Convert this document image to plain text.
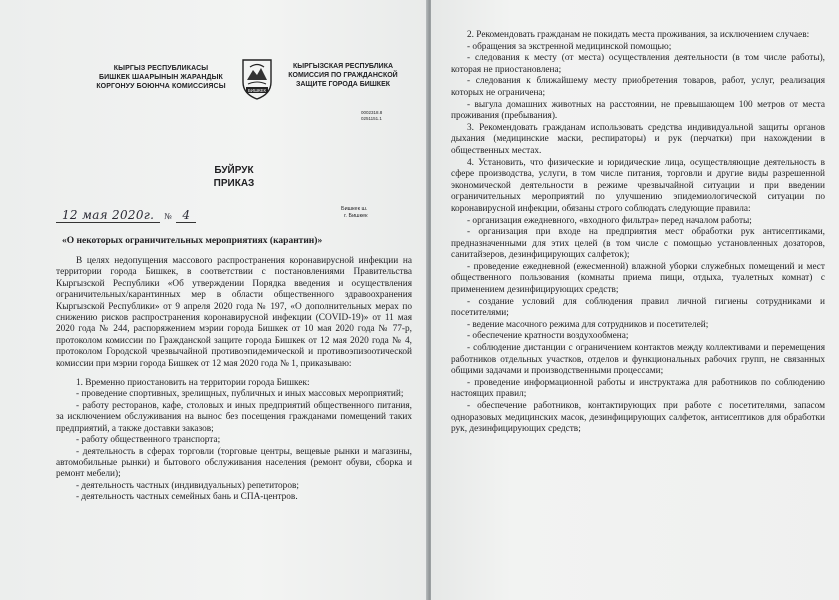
КЫРГЫЗ РЕСПУБЛИКАСЫ
БИШКЕК ШААРЫНЫН ЖАРАНДЫК
КОРГОНУУ БОЮНЧА КОМИССИЯСЫ
БИШКЕК
КЫРГЫЗСКАЯ РЕСПУБЛИКА
КОМИССИЯ ПО ГРАЖДАНСКОЙ
ЗАЩИТЕ ГОРОДА БИШКЕК
0002318.8
0251151.1
БУЙРУК
ПРИКАЗ
12 мая 2020г. № 4	Бишкек ш.
г. Бишкек
«О некоторых ограничительных мероприятиях (карантин)»

В целях недопущения массового распространения коронавирусной инфекции на территории города Бишкек, в соответствии с постановлениями Правительства Кыргызской Республики «Об утверждении Порядка введения и осуществления ограничительных/карантинных мер в области общественного здравоохранения Кыргызской Республики» от 9 апреля 2020 года № 197, «О дополнительных мерах по снижению рисков распространения коронавирусной инфекции (COVID-19)» от 11 мая 2020 года № 244, распоряжением мэрии города Бишкек от 10 мая 2020 года № 77-р, протоколом комиссии по Гражданской защите города Бишкек от 12 мая 2020 года № 4, протоколом Городской чрезвычайной противоэпидемической и противоэпизоотической комиссии при мэрии города Бишкек от 12 мая 2020 года № 1, приказываю:

1. Временно приостановить на территории города Бишкек:

- проведение спортивных, зрелищных, публичных и иных массовых мероприятий;

- работу ресторанов, кафе, столовых и иных предприятий общественного питания, за исключением обслуживания на вынос без посещения гражданами помещений таких предприятий, а также доставки заказов;

- работу общественного транспорта;

- деятельность в сферах торговли (торговые центры, вещевые рынки и магазины, автомобильные рынки) и бытового обслуживания населения (ремонт обуви, сборка и ремонт мебели);

- деятельность частных (индивидуальных) репетиторов;

- деятельность частных семейных бань и СПА-центров.

2. Рекомендовать гражданам не покидать места проживания, за исключением случаев:

- обращения за экстренной медицинской помощью;

- следования к месту (от места) осуществления деятельности (в том числе работы), которая не приостановлена;

- следования к ближайшему месту приобретения товаров, работ, услуг, реализация которых не ограничена;

- выгула домашних животных на расстоянии, не превышающем 100 метров от места проживания (пребывания).

3. Рекомендовать гражданам использовать средства индивидуальной защиты органов дыхания (медицинские маски, респираторы) и рук (перчатки) при нахождении в общественных местах.

4. Установить, что физические и юридические лица, осуществляющие деятельность в сфере производства, услуги, в том числе питания, торговли и другие виды разрешенной экономической деятельности в режиме чрезвычайной ситуации и при введении ограничительных мероприятий по улучшению эпидемиологической ситуации по коронавирусной инфекции, обязаны строго соблюдать следующие правила:

- организация ежедневного, «входного фильтра» перед началом работы;

- организация при входе на предприятия мест обработки рук антисептиками, предназначенными для этих целей (в том числе с помощью установленных дозаторов, санитайзеров, дезинфицирующих салфеток);

- проведение ежедневной (ежесменной) влажной уборки служебных помещений и мест общественного пользования (комнаты приема пищи, отдыха, туалетных комнат) с применением дезинфицирующих средств;

- создание условий для соблюдения правил личной гигиены сотрудниками и посетителями;

- ведение масочного режима для сотрудников и посетителей;

- обеспечение кратности воздухообмена;

- соблюдение дистанции с ограничением контактов между коллективами и перемещения работников отдельных участков, отделов и функциональных рабочих групп, не связанных общими задачами и производственными процессами;

- проведение информационной работы и инструктажа для работников по соблюдению настоящих правил;

- обеспечение работников, контактирующих при работе с посетителями, запасом одноразовых медицинских масок, дезинфицирующих салфеток, антисептиков для обработки рук, дезинфицирующих средств;
